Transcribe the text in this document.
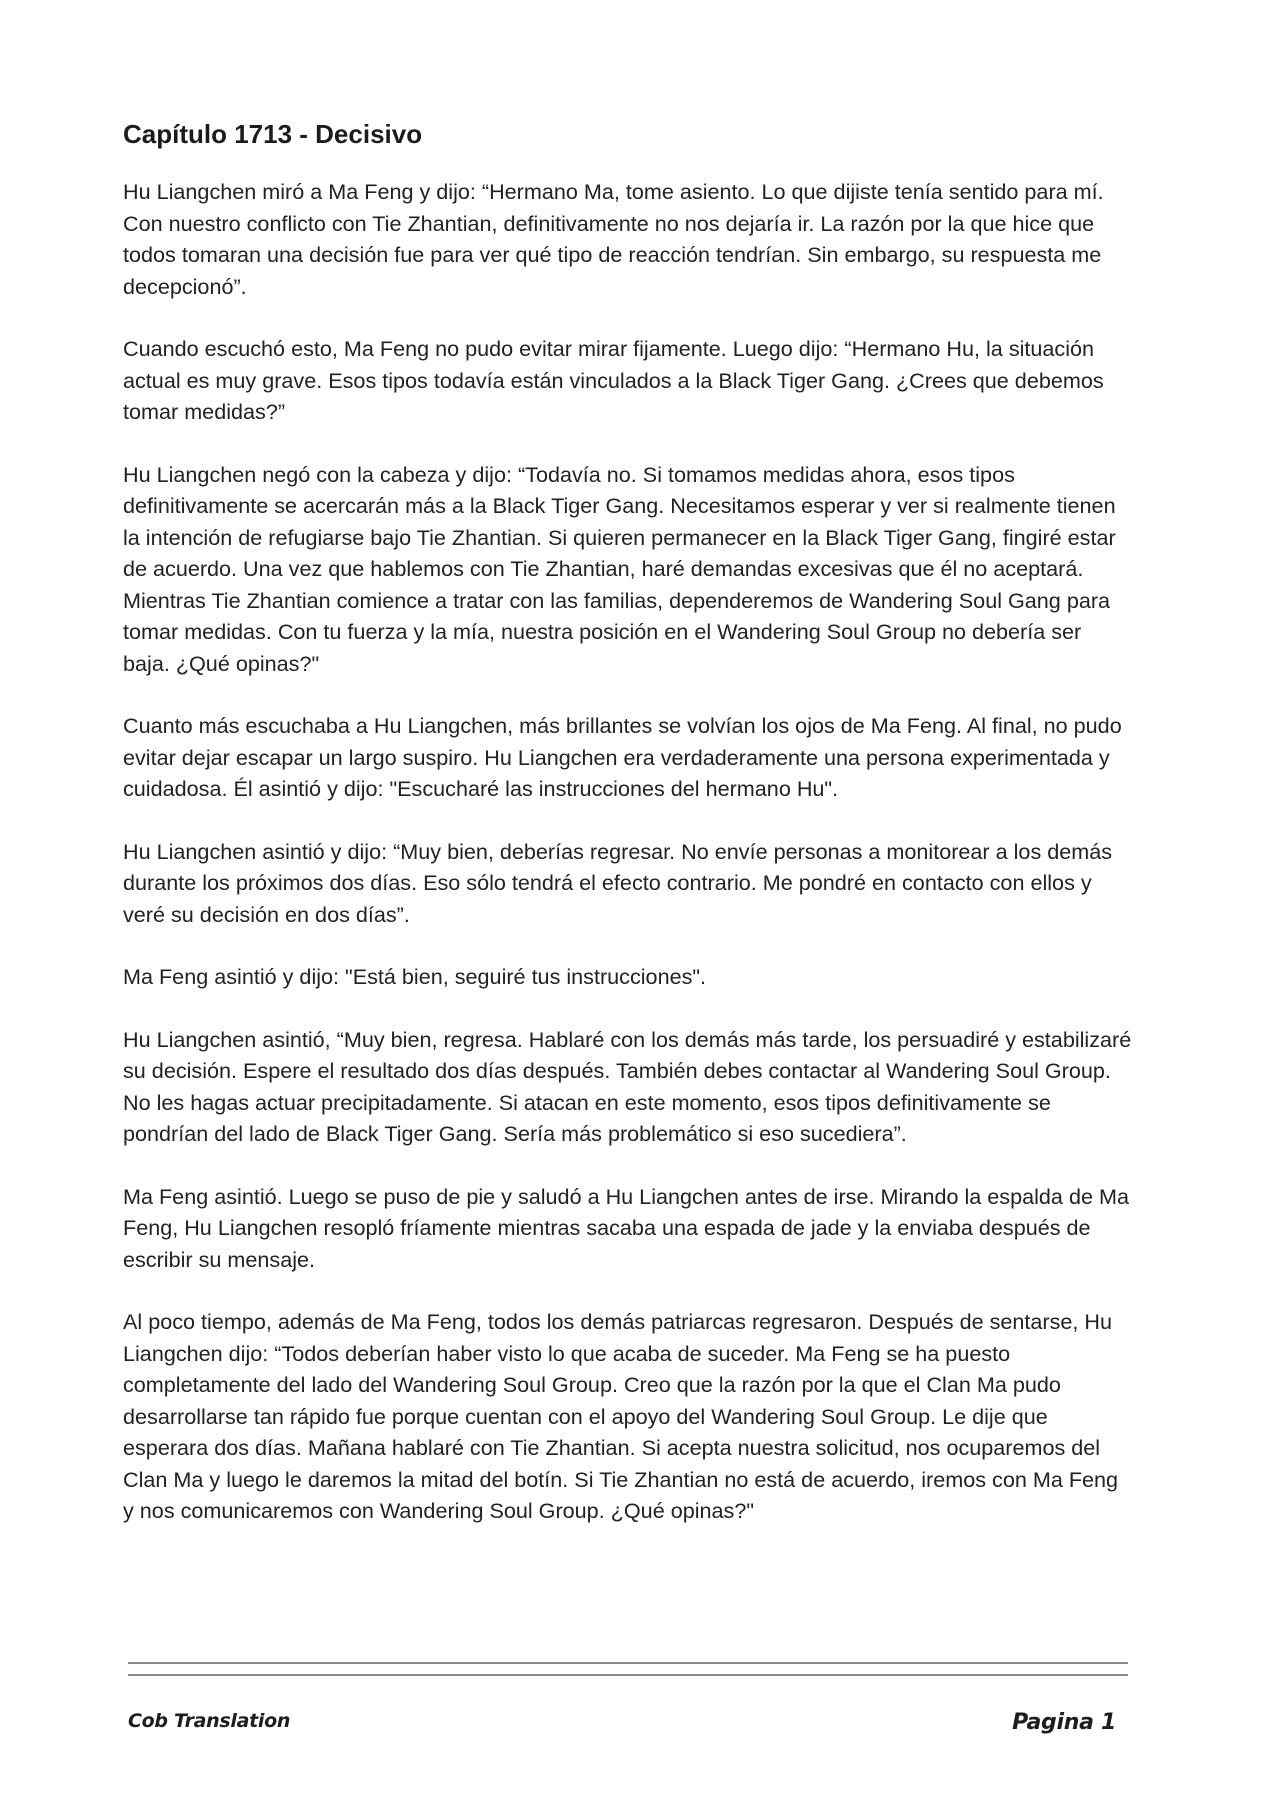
Capítulo 1713 - Decisivo

Hu Liangchen miró a Ma Feng y dijo: “Hermano Ma, tome asiento. Lo que dijiste tenía sentido para mí. Con nuestro conflicto con Tie Zhantian, definitivamente no nos dejaría ir. La razón por la que hice que todos tomaran una decisión fue para ver qué tipo de reacción tendrían. Sin embargo, su respuesta me decepcionó”.

Cuando escuchó esto, Ma Feng no pudo evitar mirar fijamente. Luego dijo: “Hermano Hu, la situación actual es muy grave. Esos tipos todavía están vinculados a la Black Tiger Gang. ¿Crees que debemos tomar medidas?”

Hu Liangchen negó con la cabeza y dijo: “Todavía no. Si tomamos medidas ahora, esos tipos definitivamente se acercarán más a la Black Tiger Gang. Necesitamos esperar y ver si realmente tienen la intención de refugiarse bajo Tie Zhantian. Si quieren permanecer en la Black Tiger Gang, fingiré estar de acuerdo. Una vez que hablemos con Tie Zhantian, haré demandas excesivas que él no aceptará. Mientras Tie Zhantian comience a tratar con las familias, dependeremos de Wandering Soul Gang para tomar medidas. Con tu fuerza y la mía, nuestra posición en el Wandering Soul Group no debería ser baja. ¿Qué opinas?"

Cuanto más escuchaba a Hu Liangchen, más brillantes se volvían los ojos de Ma Feng. Al final, no pudo evitar dejar escapar un largo suspiro. Hu Liangchen era verdaderamente una persona experimentada y cuidadosa. Él asintió y dijo: "Escucharé las instrucciones del hermano Hu".

Hu Liangchen asintió y dijo: “Muy bien, deberías regresar. No envíe personas a monitorear a los demás durante los próximos dos días. Eso sólo tendrá el efecto contrario. Me pondré en contacto con ellos y veré su decisión en dos días”.

Ma Feng asintió y dijo: "Está bien, seguiré tus instrucciones".

Hu Liangchen asintió, “Muy bien, regresa. Hablaré con los demás más tarde, los persuadiré y estabilizaré su decisión. Espere el resultado dos días después. También debes contactar al Wandering Soul Group. No les hagas actuar precipitadamente. Si atacan en este momento, esos tipos definitivamente se pondrían del lado de Black Tiger Gang. Sería más problemático si eso sucediera”.

Ma Feng asintió. Luego se puso de pie y saludó a Hu Liangchen antes de irse. Mirando la espalda de Ma Feng, Hu Liangchen resopló fríamente mientras sacaba una espada de jade y la enviaba después de escribir su mensaje.

Al poco tiempo, además de Ma Feng, todos los demás patriarcas regresaron. Después de sentarse, Hu Liangchen dijo: “Todos deberían haber visto lo que acaba de suceder. Ma Feng se ha puesto completamente del lado del Wandering Soul Group. Creo que la razón por la que el Clan Ma pudo desarrollarse tan rápido fue porque cuentan con el apoyo del Wandering Soul Group. Le dije que esperara dos días. Mañana hablaré con Tie Zhantian. Si acepta nuestra solicitud, nos ocuparemos del Clan Ma y luego le daremos la mitad del botín. Si Tie Zhantian no está de acuerdo, iremos con Ma Feng y nos comunicaremos con Wandering Soul Group. ¿Qué opinas?"

Cob Translation	Pagina 1
